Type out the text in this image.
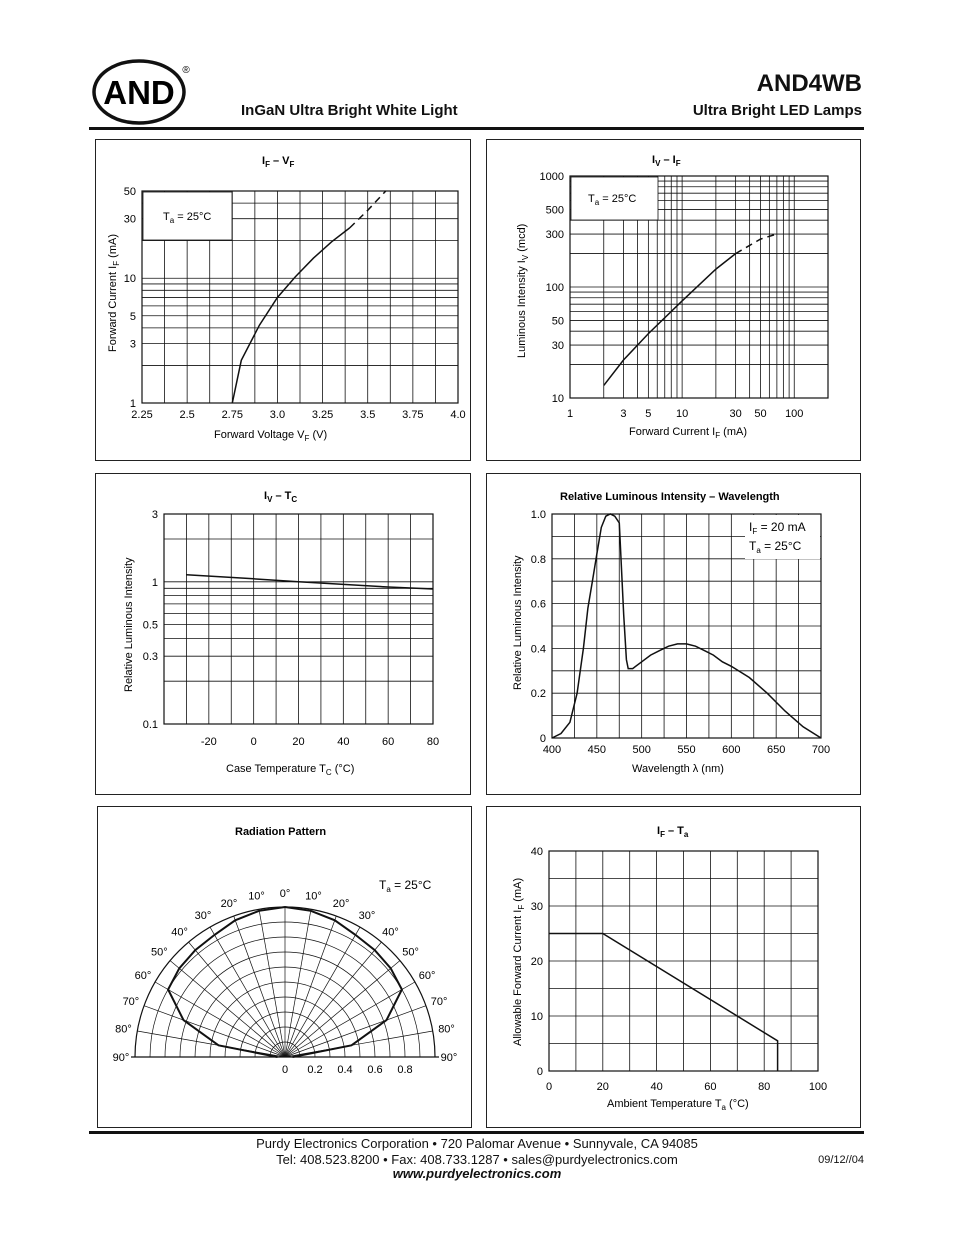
AND
®	AND4WB
InGaN Ultra Bright White Light	Ultra Bright LED Lamps
2.25 2.5 2.75 3.0 3.25 3.5 3.75 4.0
1
3
5
10
30
50
1	3 5 10	30 50 100
10
30
50
100
300
500
1000
-20	0	20	40	60	80
0.1
0.3
0.5
1
3
400 450 500 550 600 650 700
0
0.2
0.4
0.6
0.8
1.0
0°
10°	10°
20°	20°
30°	30°
40°	40°
50°	50°
60°	60°
70°	70°
80°	80°
90°	90°
0 0.2 0.4 0.6 0.8
0	20	40	60	80	100
0
10
20
30
40
$I_F - V_F$
$T_a = 25^\circ C$
Forward Voltage $V_F$ (V)
Forward Current $I_F$ (mA)
$I_V - I_F$
$T_a = 25^\circ C$
Forward Current $I_F$ (mA)
Luminous Intensity $I_V$ (mcd)
$I_V - T_C$
Case Temperature $T_C$ (°C)
Relative Luminous Intensity
Relative Luminous Intensity – Wavelength
$I_F = 20$ mA
$T_a = 25^\circ C$
Wavelength λ (nm)
Relative Luminous Intensity
Radiation Pattern
$T_a = 25^\circ C$
$I_F - T_a$
Ambient Temperature $T_a$ (°C)
Allowable Forward Current $I_F$ (mA)
Purdy Electronics Corporation • 720 Palomar Avenue • Sunnyvale, CA 94085
Tel: 408.523.8200 • Fax: 408.733.1287 • sales@purdyelectronics.com
www.purdyelectronics.com
09/12//04
